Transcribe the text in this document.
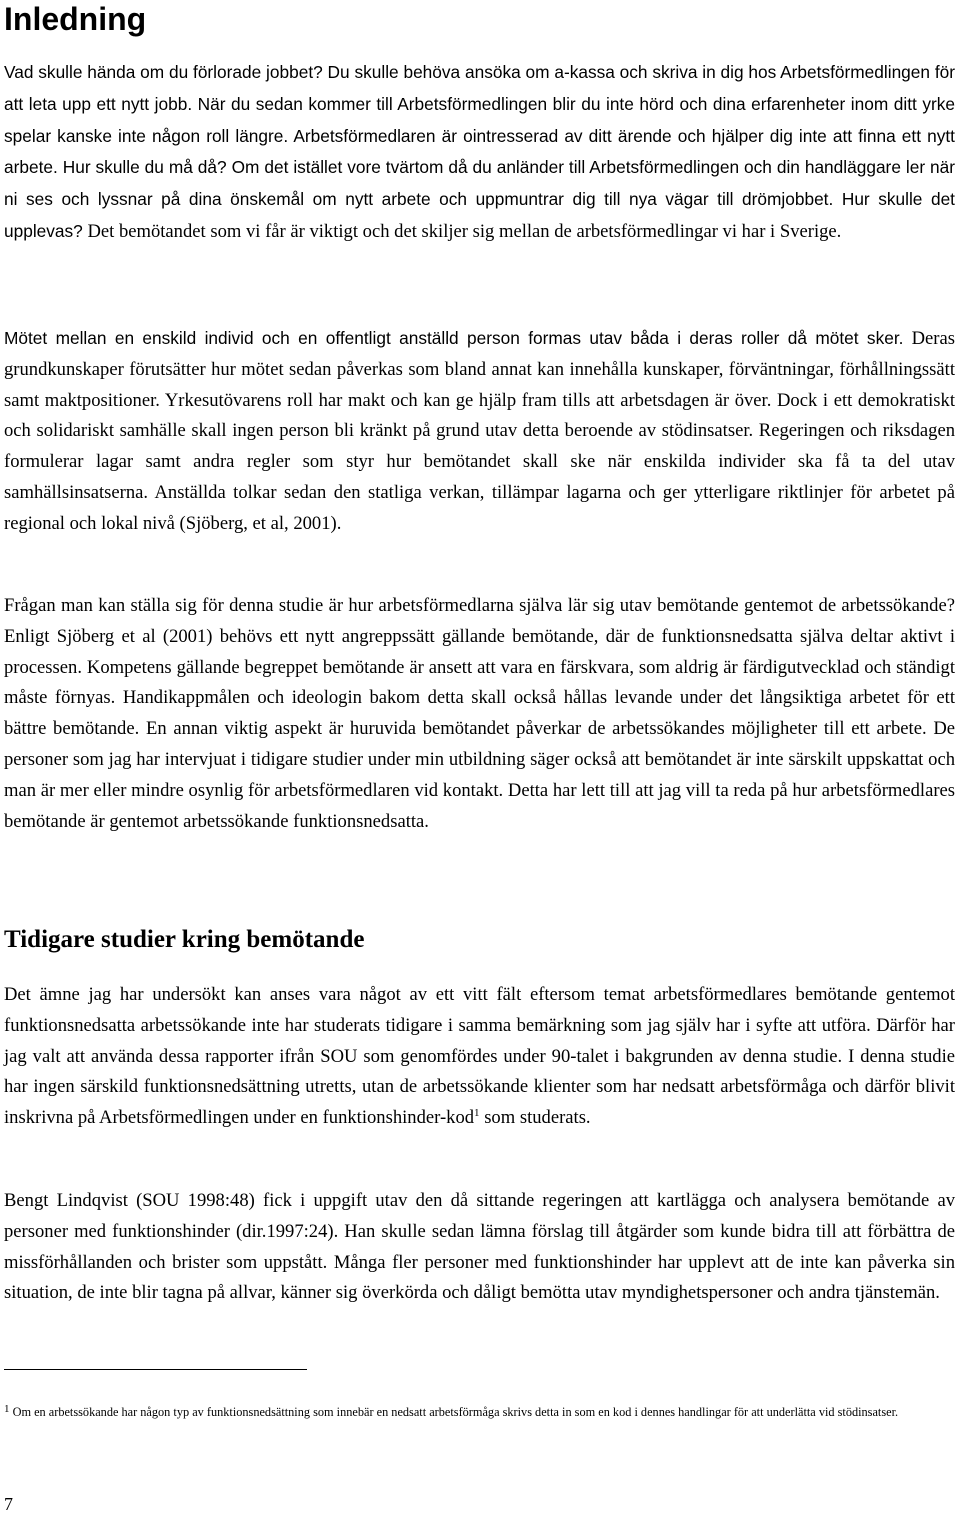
Inledning

Vad skulle hända om du förlorade jobbet? Du skulle behöva ansöka om a-kassa och skriva in dig hos Arbetsförmedlingen för att leta upp ett nytt jobb. När du sedan kommer till Arbetsförmedlingen blir du inte hörd och dina erfarenheter inom ditt yrke spelar kanske inte någon roll längre. Arbetsförmedlaren är ointresserad av ditt ärende och hjälper dig inte att finna ett nytt arbete. Hur skulle du må då? Om det istället vore tvärtom då du anländer till Arbetsförmedlingen och din handläggare ler när ni ses och lyssnar på dina önskemål om nytt arbete och uppmuntrar dig till nya vägar till drömjobbet. Hur skulle det upplevas? Det bemötandet som vi får är viktigt och det skiljer sig mellan de arbetsförmedlingar vi har i Sverige.

Mötet mellan en enskild individ och en offentligt anställd person formas utav båda i deras roller då mötet sker. Deras grundkunskaper förutsätter hur mötet sedan påverkas som bland annat kan innehålla kunskaper, förväntningar, förhållningssätt samt maktpositioner. Yrkesutövarens roll har makt och kan ge hjälp fram tills att arbetsdagen är över. Dock i ett demokratiskt och solidariskt samhälle skall ingen person bli kränkt på grund utav detta beroende av stödinsatser. Regeringen och riksdagen formulerar lagar samt andra regler som styr hur bemötandet skall ske när enskilda individer ska få ta del utav samhällsinsatserna. Anställda tolkar sedan den statliga verkan, tillämpar lagarna och ger ytterligare riktlinjer för arbetet på regional och lokal nivå (Sjöberg, et al, 2001).

Frågan man kan ställa sig för denna studie är hur arbetsförmedlarna själva lär sig utav bemötande gentemot de arbetssökande? Enligt Sjöberg et al (2001) behövs ett nytt angreppssätt gällande bemötande, där de funktionsnedsatta själva deltar aktivt i processen. Kompetens gällande begreppet bemötande är ansett att vara en färskvara, som aldrig är färdigutvecklad och ständigt måste förnyas. Handikappmålen och ideologin bakom detta skall också hållas levande under det långsiktiga arbetet för ett bättre bemötande. En annan viktig aspekt är huruvida bemötandet påverkar de arbetssökandes möjligheter till ett arbete. De personer som jag har intervjuat i tidigare studier under min utbildning säger också att bemötandet är inte särskilt uppskattat och man är mer eller mindre osynlig för arbetsförmedlaren vid kontakt. Detta har lett till att jag vill ta reda på hur arbetsförmedlares bemötande är gentemot arbetssökande funktionsnedsatta.

Tidigare studier kring bemötande

Det ämne jag har undersökt kan anses vara något av ett vitt fält eftersom temat arbetsförmedlares bemötande gentemot funktionsnedsatta arbetssökande inte har studerats tidigare i samma bemärkning som jag själv har i syfte att utföra. Därför har jag valt att använda dessa rapporter ifrån SOU som genomfördes under 90-talet i bakgrunden av denna studie. I denna studie har ingen särskild funktionsnedsättning utretts, utan de arbetssökande klienter som har nedsatt arbetsförmåga och därför blivit inskrivna på Arbetsförmedlingen under en funktionshinder-kod$^1$ som studerats.

Bengt Lindqvist (SOU 1998:48) fick i uppgift utav den då sittande regeringen att kartlägga och analysera bemötande av personer med funktionshinder (dir.1997:24). Han skulle sedan lämna förslag till åtgärder som kunde bidra till att förbättra de missförhållanden och brister som uppstått. Många fler personer med funktionshinder har upplevt att de inte kan påverka sin situation, de inte blir tagna på allvar, känner sig överkörda och dåligt bemötta utav myndighetspersoner och andra tjänstemän.

$^1$ Om en arbetssökande har någon typ av funktionsnedsättning som innebär en nedsatt arbetsförmåga skrivs detta in som en kod i dennes handlingar för att underlätta vid stödinsatser.
7
